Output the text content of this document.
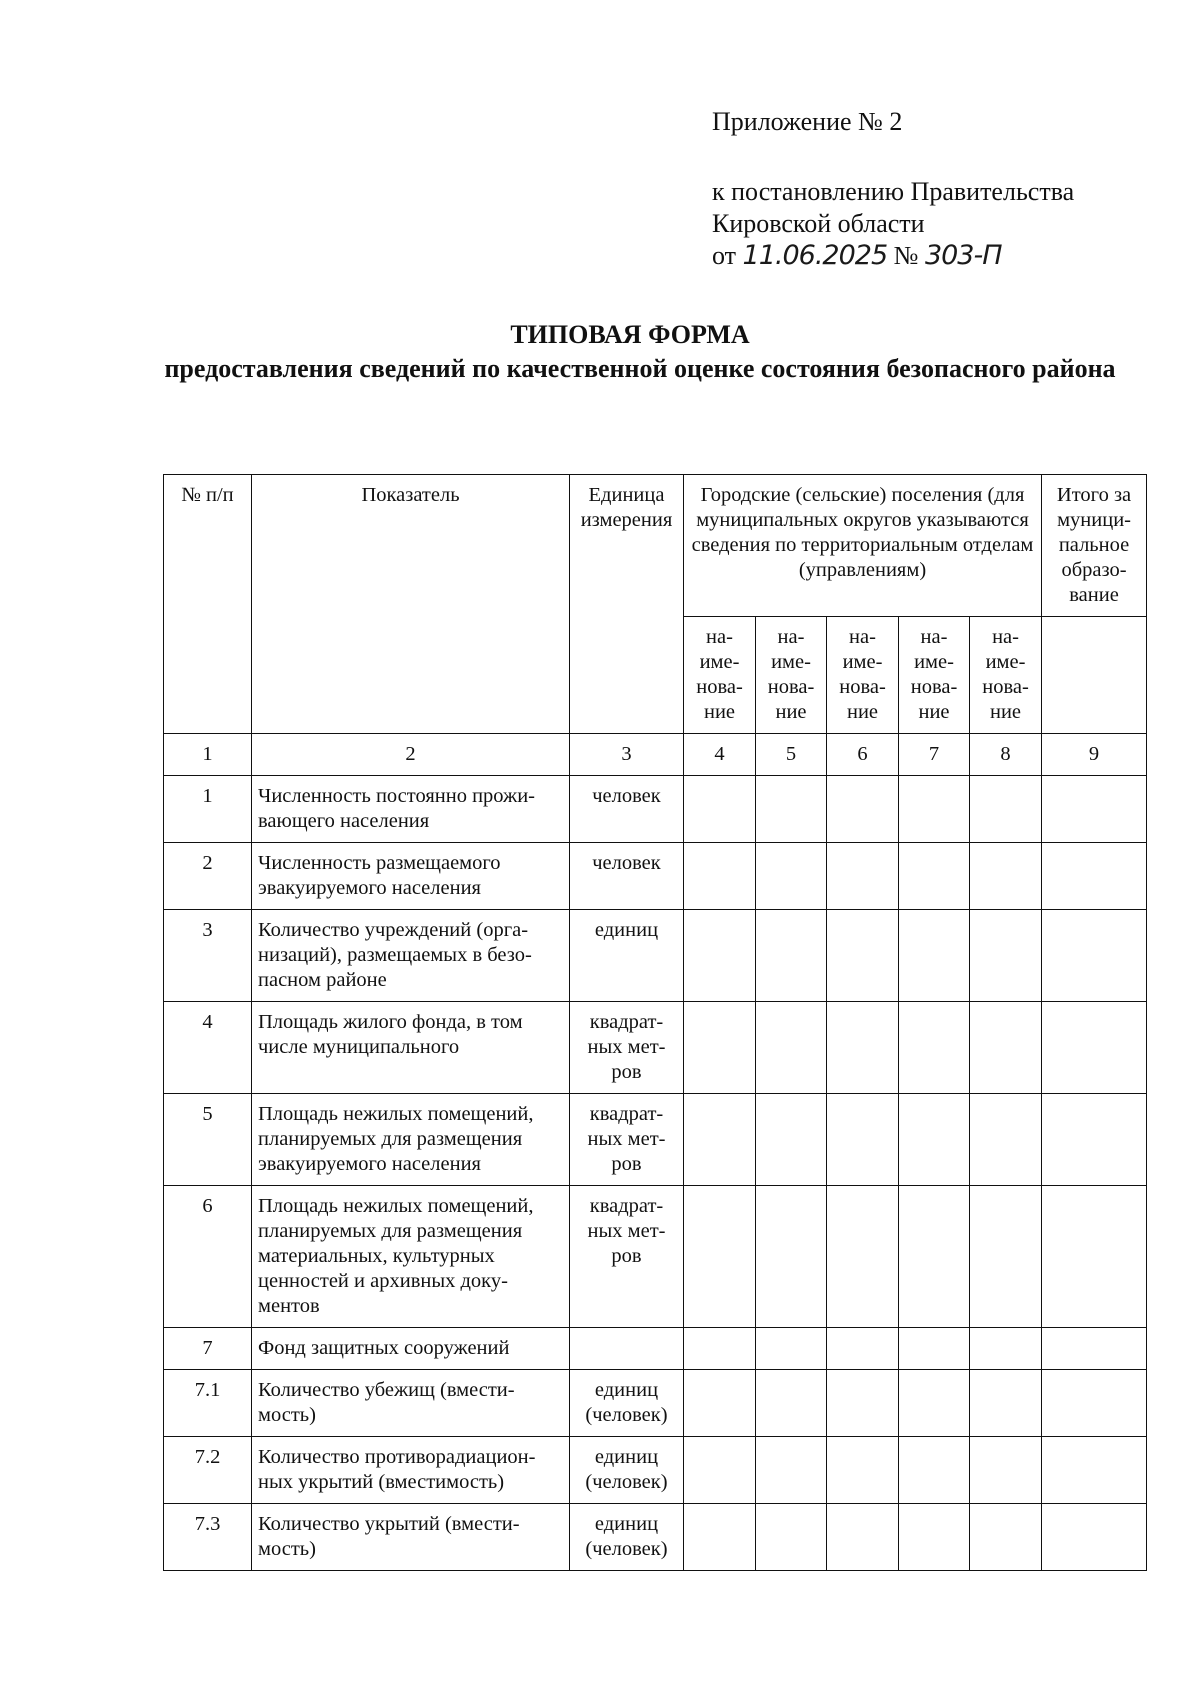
Приложение № 2
к постановлению Правительства
Кировской области
от 11.06.2025 № 303-П
ТИПОВАЯ ФОРМА
предоставления сведений по качественной оценке состояния безопасного района
№ п/п	Показатель	Единица измерения	Городские (сельские) поселения (для муниципальных округов указываются сведения по территориальным отделам (управлениям)					Итого за муници-пальное образо-вание
			на-име-нова-ние	на-име-нова-ние	на-име-нова-ние	на-име-нова-ние	на-име-нова-ние	
1	2	3	4	5	6	7	8	9
1	Численность постоянно прожи-вающего населения	человек						
2	Численность размещаемого эвакуируемого населения	человек						
3	Количество учреждений (орга-низаций), размещаемых в безо-пасном районе	единиц						
4	Площадь жилого фонда, в том числе муниципального	квадрат-ных мет-ров						
5	Площадь нежилых помещений, планируемых для размещения эвакуируемого населения	квадрат-ных мет-ров						
6	Площадь нежилых помещений, планируемых для размещения материальных, культурных ценностей и архивных доку-ментов	квадрат-ных мет-ров						
7	Фонд защитных сооружений							
7.1	Количество убежищ (вмести-мость)	единиц (человек)						
7.2	Количество противорадиацион-ных укрытий (вместимость)	единиц (человек)						
7.3	Количество укрытий (вмести-мость)	единиц (человек)						
